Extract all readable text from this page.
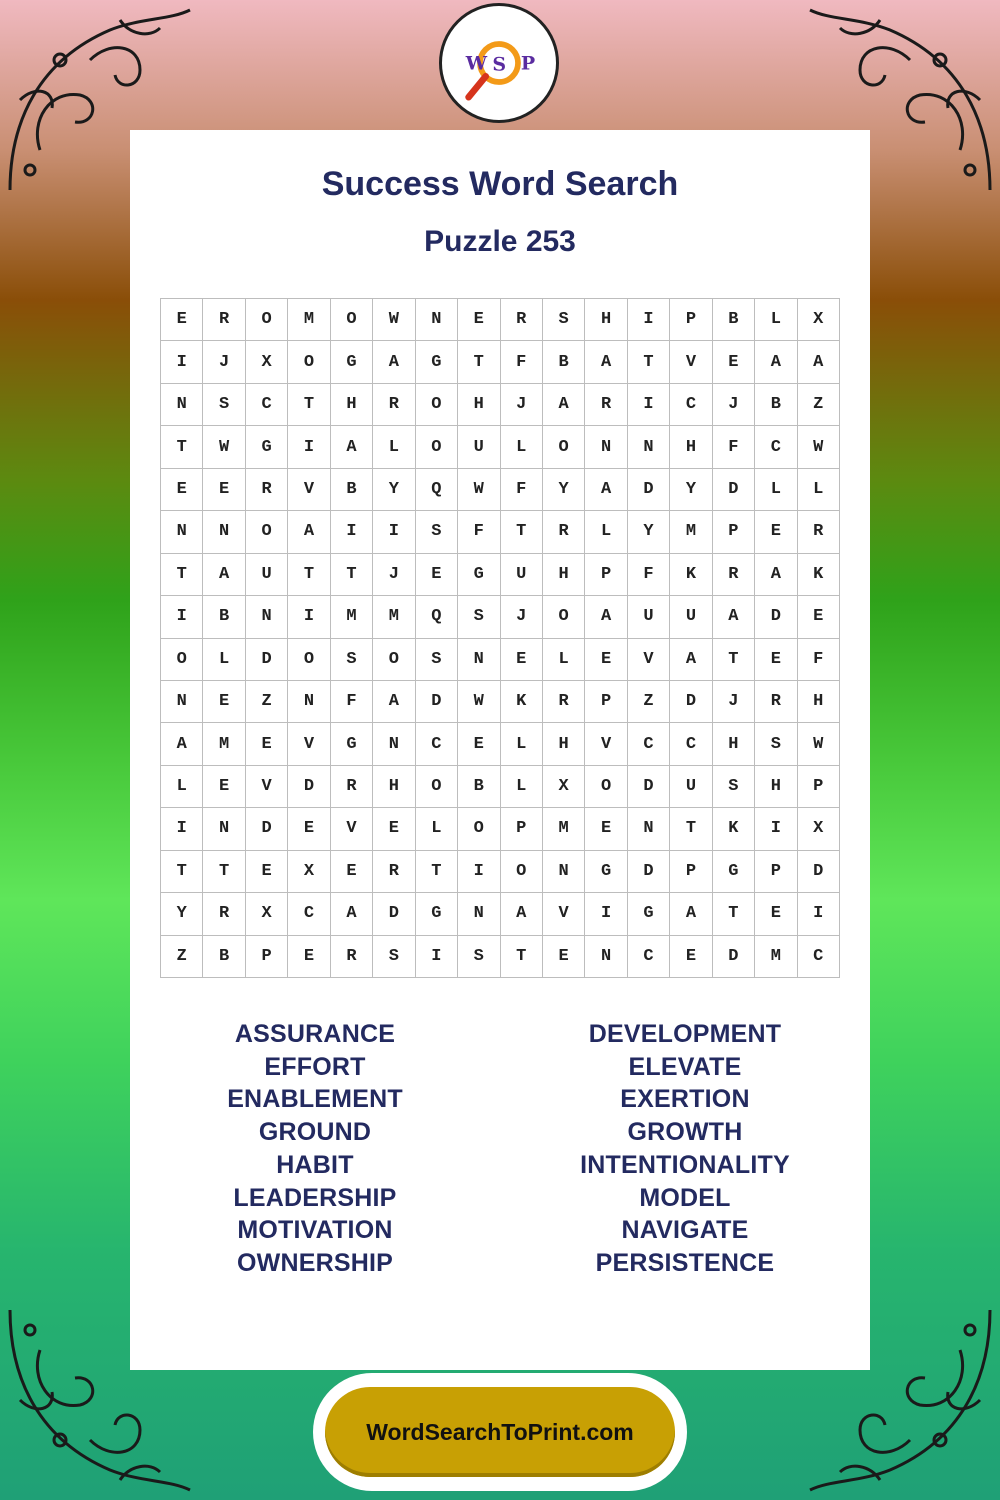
W S P
Success Word Search
Puzzle 253
E	R	O	M	O	W	N	E	R	S	H	I	P	B	L	X
I	J	X	O	G	A	G	T	F	B	A	T	V	E	A	A
N	S	C	T	H	R	O	H	J	A	R	I	C	J	B	Z
T	W	G	I	A	L	O	U	L	O	N	N	H	F	C	W
E	E	R	V	B	Y	Q	W	F	Y	A	D	Y	D	L	L
N	N	O	A	I	I	S	F	T	R	L	Y	M	P	E	R
T	A	U	T	T	J	E	G	U	H	P	F	K	R	A	K
I	B	N	I	M	M	Q	S	J	O	A	U	U	A	D	E
O	L	D	O	S	O	S	N	E	L	E	V	A	T	E	F
N	E	Z	N	F	A	D	W	K	R	P	Z	D	J	R	H
A	M	E	V	G	N	C	E	L	H	V	C	C	H	S	W
L	E	V	D	R	H	O	B	L	X	O	D	U	S	H	P
I	N	D	E	V	E	L	O	P	M	E	N	T	K	I	X
T	T	E	X	E	R	T	I	O	N	G	D	P	G	P	D
Y	R	X	C	A	D	G	N	A	V	I	G	A	T	E	I
Z	B	P	E	R	S	I	S	T	E	N	C	E	D	M	C
ASSURANCE
EFFORT
ENABLEMENT
GROUND
HABIT
LEADERSHIP
MOTIVATION
OWNERSHIP
DEVELOPMENT
ELEVATE
EXERTION
GROWTH
INTENTIONALITY
MODEL
NAVIGATE
PERSISTENCE
WordSearchToPrint.com
